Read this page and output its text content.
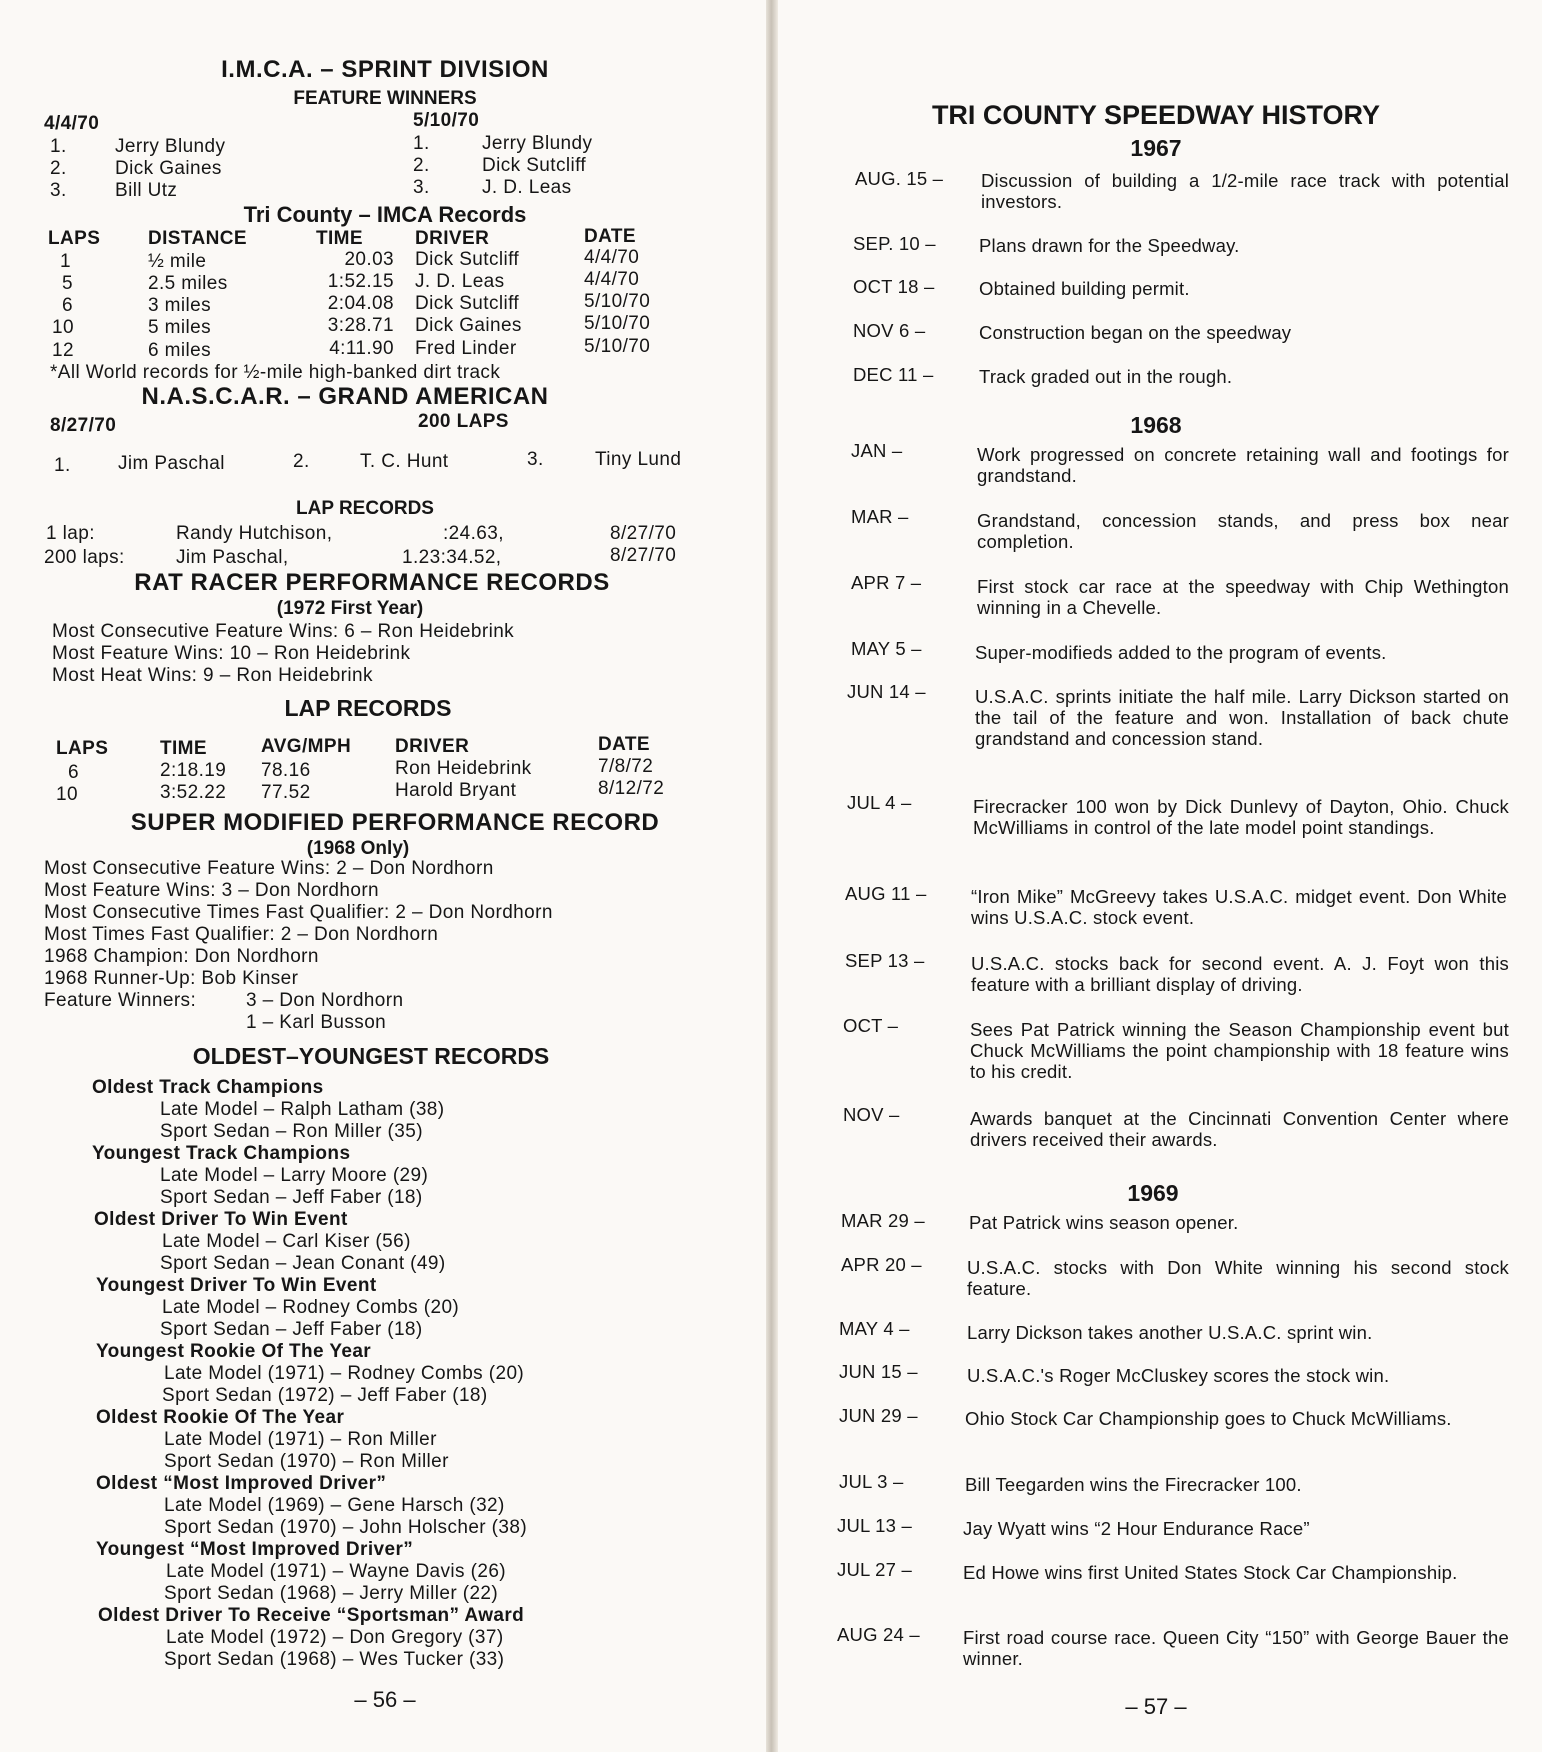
I.M.C.A. – SPRINT DIVISION
FEATURE WINNERS
4/4/70
1.	Jerry Blundy
2.	Dick Gaines
3.	Bill Utz
5/10/70
1.	Jerry Blundy
2.	Dick Sutcliff
3.	J. D. Leas
Tri County – IMCA Records
LAPS	DISTANCE	TIME	DRIVER	DATE
1	½ mile	20.03 Dick Sutcliff	4/4/70
5	2.5 miles	1:52.15 J. D. Leas	4/4/70
6	3 miles	2:04.08 Dick Sutcliff	5/10/70
10	5 miles	3:28.71 Dick Gaines	5/10/70
12	6 miles	4:11.90 Fred Linder	5/10/70
*All World records for ½-mile high-banked dirt track
N.A.S.C.A.R. – GRAND AMERICAN
8/27/70	200 LAPS
1. Jim Paschal	2.	T. C. Hunt	3.	Tiny Lund
LAP RECORDS
1 lap:	Randy Hutchison,	:24.63,	8/27/70
200 laps:	Jim Paschal,	1.23:34.52,	8/27/70
RAT RACER PERFORMANCE RECORDS
(1972 First Year)
Most Consecutive Feature Wins: 6 – Ron Heidebrink
Most Feature Wins: 10 – Ron Heidebrink
Most Heat Wins: 9 – Ron Heidebrink
LAP RECORDS
LAPS	TIME	AVG/MPH DRIVER	DATE
6	2:18.19 78.16	Ron Heidebrink	7/8/72
10	3:52.22 77.52	Harold Bryant	8/12/72
SUPER MODIFIED PERFORMANCE RECORD
(1968 Only)
Most Consecutive Feature Wins: 2 – Don Nordhorn
Most Feature Wins: 3 – Don Nordhorn
Most Consecutive Times Fast Qualifier: 2 – Don Nordhorn
Most Times Fast Qualifier: 2 – Don Nordhorn
1968 Champion: Don Nordhorn
1968 Runner-Up: Bob Kinser
Feature Winners:	3 – Don Nordhorn
1 – Karl Busson
OLDEST–YOUNGEST RECORDS
Oldest Track Champions
Late Model – Ralph Latham (38)
Sport Sedan – Ron Miller (35)
Youngest Track Champions
Late Model – Larry Moore (29)
Sport Sedan – Jeff Faber (18)
Oldest Driver To Win Event
Late Model – Carl Kiser (56)
Sport Sedan – Jean Conant (49)
Youngest Driver To Win Event
Late Model – Rodney Combs (20)
Sport Sedan – Jeff Faber (18)
Youngest Rookie Of The Year
Late Model (1971) – Rodney Combs (20)
Sport Sedan (1972) – Jeff Faber (18)
Oldest Rookie Of The Year
Late Model (1971) – Ron Miller
Sport Sedan (1970) – Ron Miller
Oldest “Most Improved Driver”
Late Model (1969) – Gene Harsch (32)
Sport Sedan (1970) – John Holscher (38)
Youngest “Most Improved Driver”
Late Model (1971) – Wayne Davis (26)
Sport Sedan (1968) – Jerry Miller (22)
Oldest Driver To Receive “Sportsman” Award
Late Model (1972) – Don Gregory (37)
Sport Sedan (1968) – Wes Tucker (33)
– 56 –
TRI COUNTY SPEEDWAY HISTORY
1967
AUG. 15 – Discussion of building a 1/2-mile race track with potential investors.
SEP. 10 – Plans drawn for the Speedway.
OCT 18 – Obtained building permit.
NOV 6 –	Construction began on the speedway
DEC 11 – Track graded out in the rough.
1968
JAN –	Work progressed on concrete retaining wall and footings for grandstand.
MAR –	Grandstand, concession stands, and press box near completion.
APR 7 –	First stock car race at the speedway with Chip Wethington winning in a Chevelle.
MAY 5 –	Super-modifieds added to the program of events.
JUN 14 –	U.S.A.C. sprints initiate the half mile. Larry Dickson started on the tail of the feature and won. Installation of back chute grandstand and concession stand.
JUL 4 –	Firecracker 100 won by Dick Dunlevy of Dayton, Ohio. Chuck McWilliams in control of the late model point standings.
AUG 11 – “Iron Mike” McGreevy takes U.S.A.C. midget event. Don White wins U.S.A.C. stock event.
SEP 13 –	U.S.A.C. stocks back for second event. A. J. Foyt won this feature with a brilliant display of driving.
OCT –	Sees Pat Patrick winning the Season Championship event but Chuck McWilliams the point championship with 18 feature wins to his credit.
NOV –	Awards banquet at the Cincinnati Convention Center where drivers received their awards.
1969
MAR 29 – Pat Patrick wins season opener.
APR 20 – U.S.A.C. stocks with Don White winning his second stock feature.
MAY 4 –	Larry Dickson takes another U.S.A.C. sprint win.
JUN 15 –	U.S.A.C.'s Roger McCluskey scores the stock win.
JUN 29 –	Ohio Stock Car Championship goes to Chuck McWilliams.
JUL 3 –	Bill Teegarden wins the Firecracker 100.
JUL 13 –	Jay Wyatt wins “2 Hour Endurance Race”
JUL 27 –	Ed Howe wins first United States Stock Car Championship.
AUG 24 – First road course race. Queen City “150” with George Bauer the winner.
– 57 –
